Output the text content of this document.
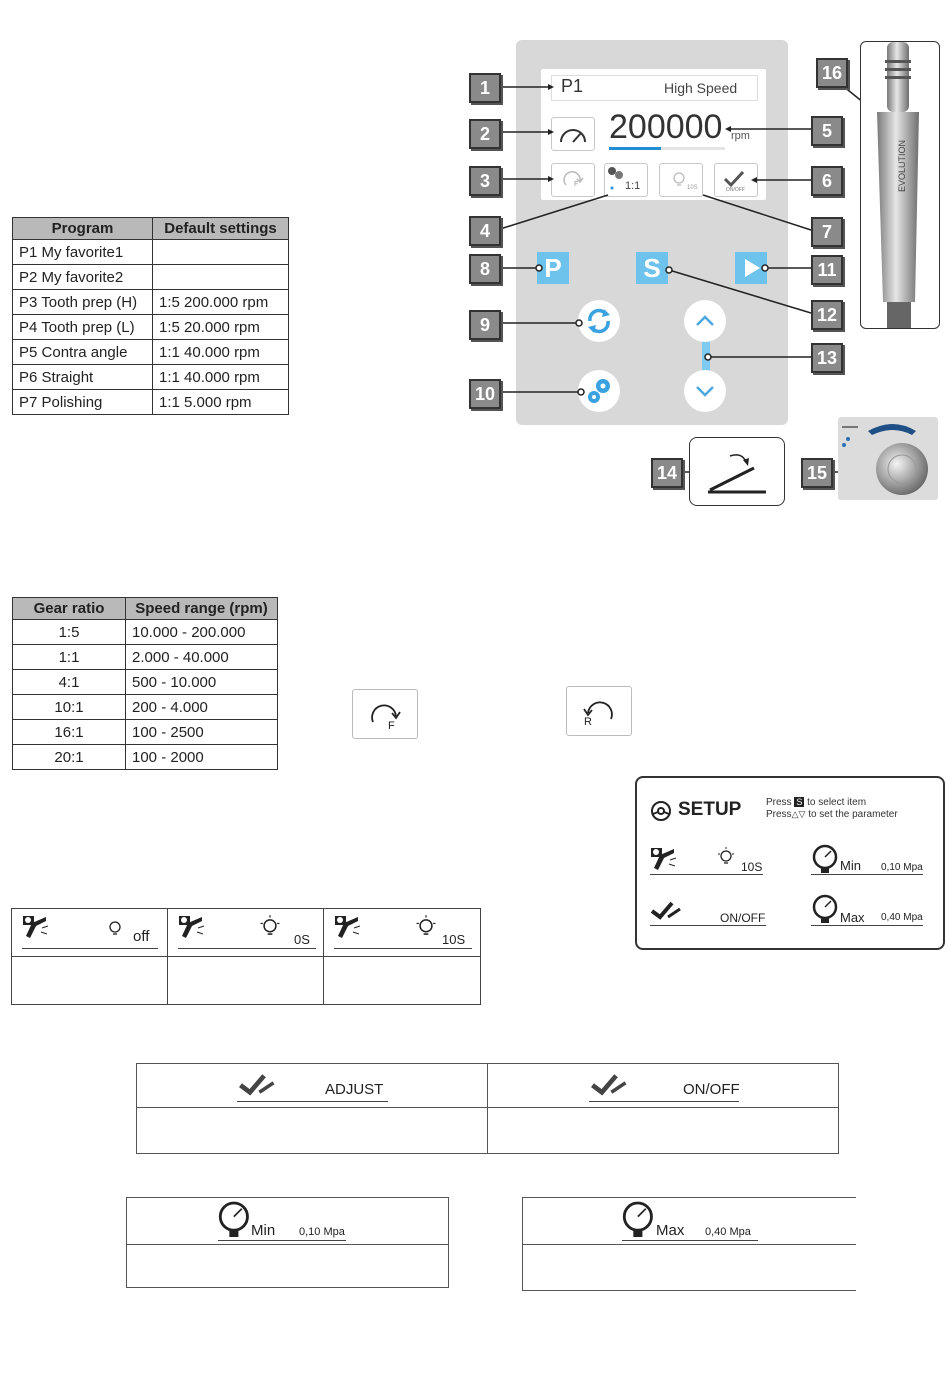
Program	Default settings
P1 My favorite1	
P2 My favorite2	
P3 Tooth prep (H)	1:5 200.000 rpm
P4 Tooth prep (L)	1:5 20.000 rpm
P5 Contra angle	1:1 40.000 rpm
P6 Straight	1:1 40.000 rpm
P7 Polishing	1:1 5.000 rpm
P1	High Speed
200000 rpm
F	1:1	10S	ON/OFF
P	S
1
2
3
4
8
9
10
5
6
7
11
12
13
14	15
16
EVOLUTION
Gear ratio	Speed range (rpm)
1:5	10.000 - 200.000
1:1	2.000 - 40.000
4:1	500 - 10.000
10:1	200 - 4.000
16:1	100 - 2500
20:1	100 - 2000
F	R
SETUP Press S to select item
Press△▽ to set the parameter
10S	Min 0,10 Mpa
ON/OFF	Max 0,40 Mpa
off	0S	10S
ADJUST	ON/OFF
Min 0,10 Mpa	Max 0,40 Mpa
